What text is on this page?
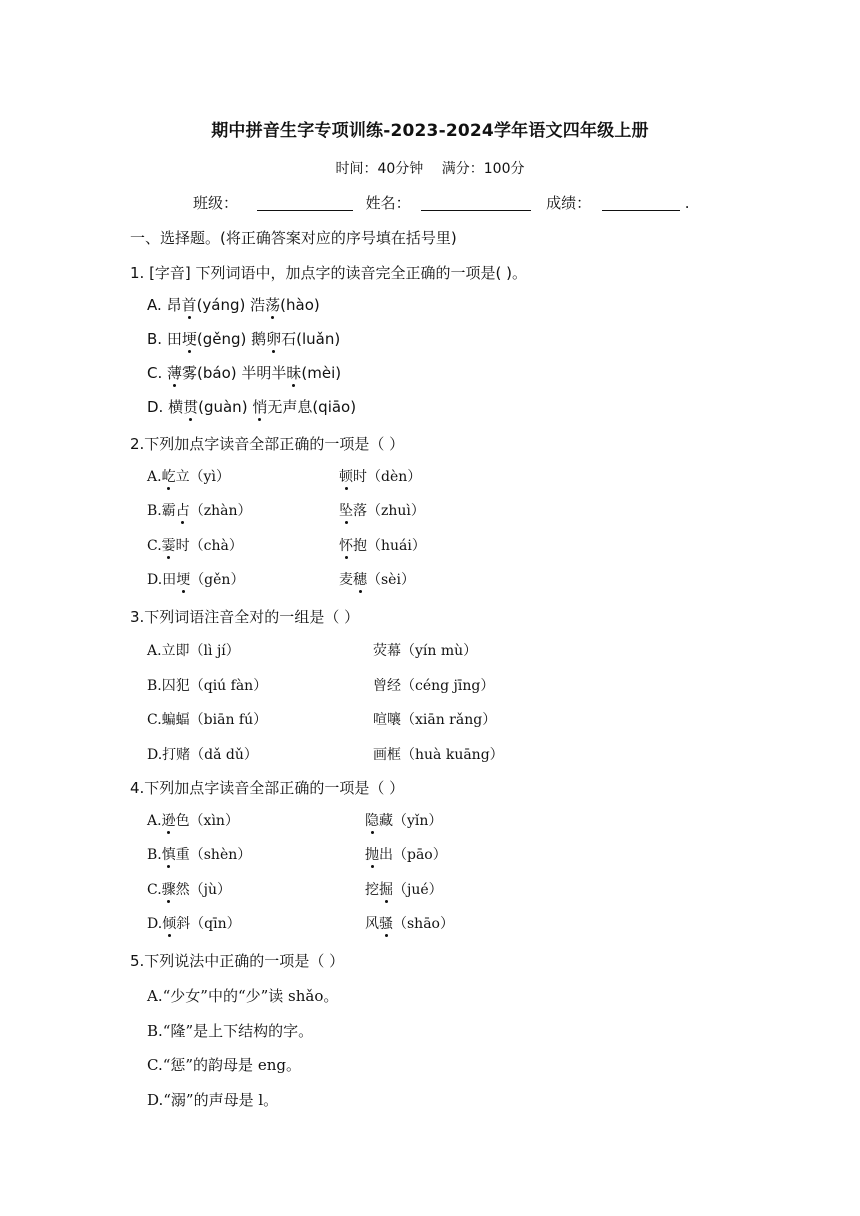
期中拼音生字专项训练-2023-2024学年语文四年级上册
时间：40分钟 满分：100分
班级：	姓名：	成绩：	.
一、选择题。(将正确答案对应的序号填在括号里)
1. [字音] 下列词语中，加点字的读音完全正确的一项是( )。
A. 昂首(yáng) 浩荡(hào)
B. 田埂(gěng) 鹅卵石(luǎn)
C. 薄雾(báo) 半明半昧(mèi)
D. 横贯(guàn) 悄无声息(qiāo)
2.下列加点字读音全部正确的一项是（ ）
A.屹立（yì）	顿时（dèn）
B.霸占（zhàn）	坠落（zhuì）
C.霎时（chà）	怀抱（huái）
D.田埂（gěn）	麦穗（sèi）
3.下列词语注音全对的一组是（ ）
A.立即（lì jí）	荧幕（yín mù）
B.囚犯（qiú fàn）	曾经（céng jīng）
C.蝙蝠（biān fú）	喧嚷（xiān rǎng）
D.打赌（dǎ dǔ）	画框（huà kuāng）
4.下列加点字读音全部正确的一项是（ ）
A.逊色（xìn）	隐藏（yǐn）
B.慎重（shèn）	抛出（pāo）
C.骤然（jù）	挖掘（jué）
D.倾斜（qīn）	风骚（shāo）
5.下列说法中正确的一项是（ ）
A.“少女”中的“少”读 shǎo。
B.“隆”是上下结构的字。
C.“惩”的韵母是 eng。
D.“溺”的声母是 l。
